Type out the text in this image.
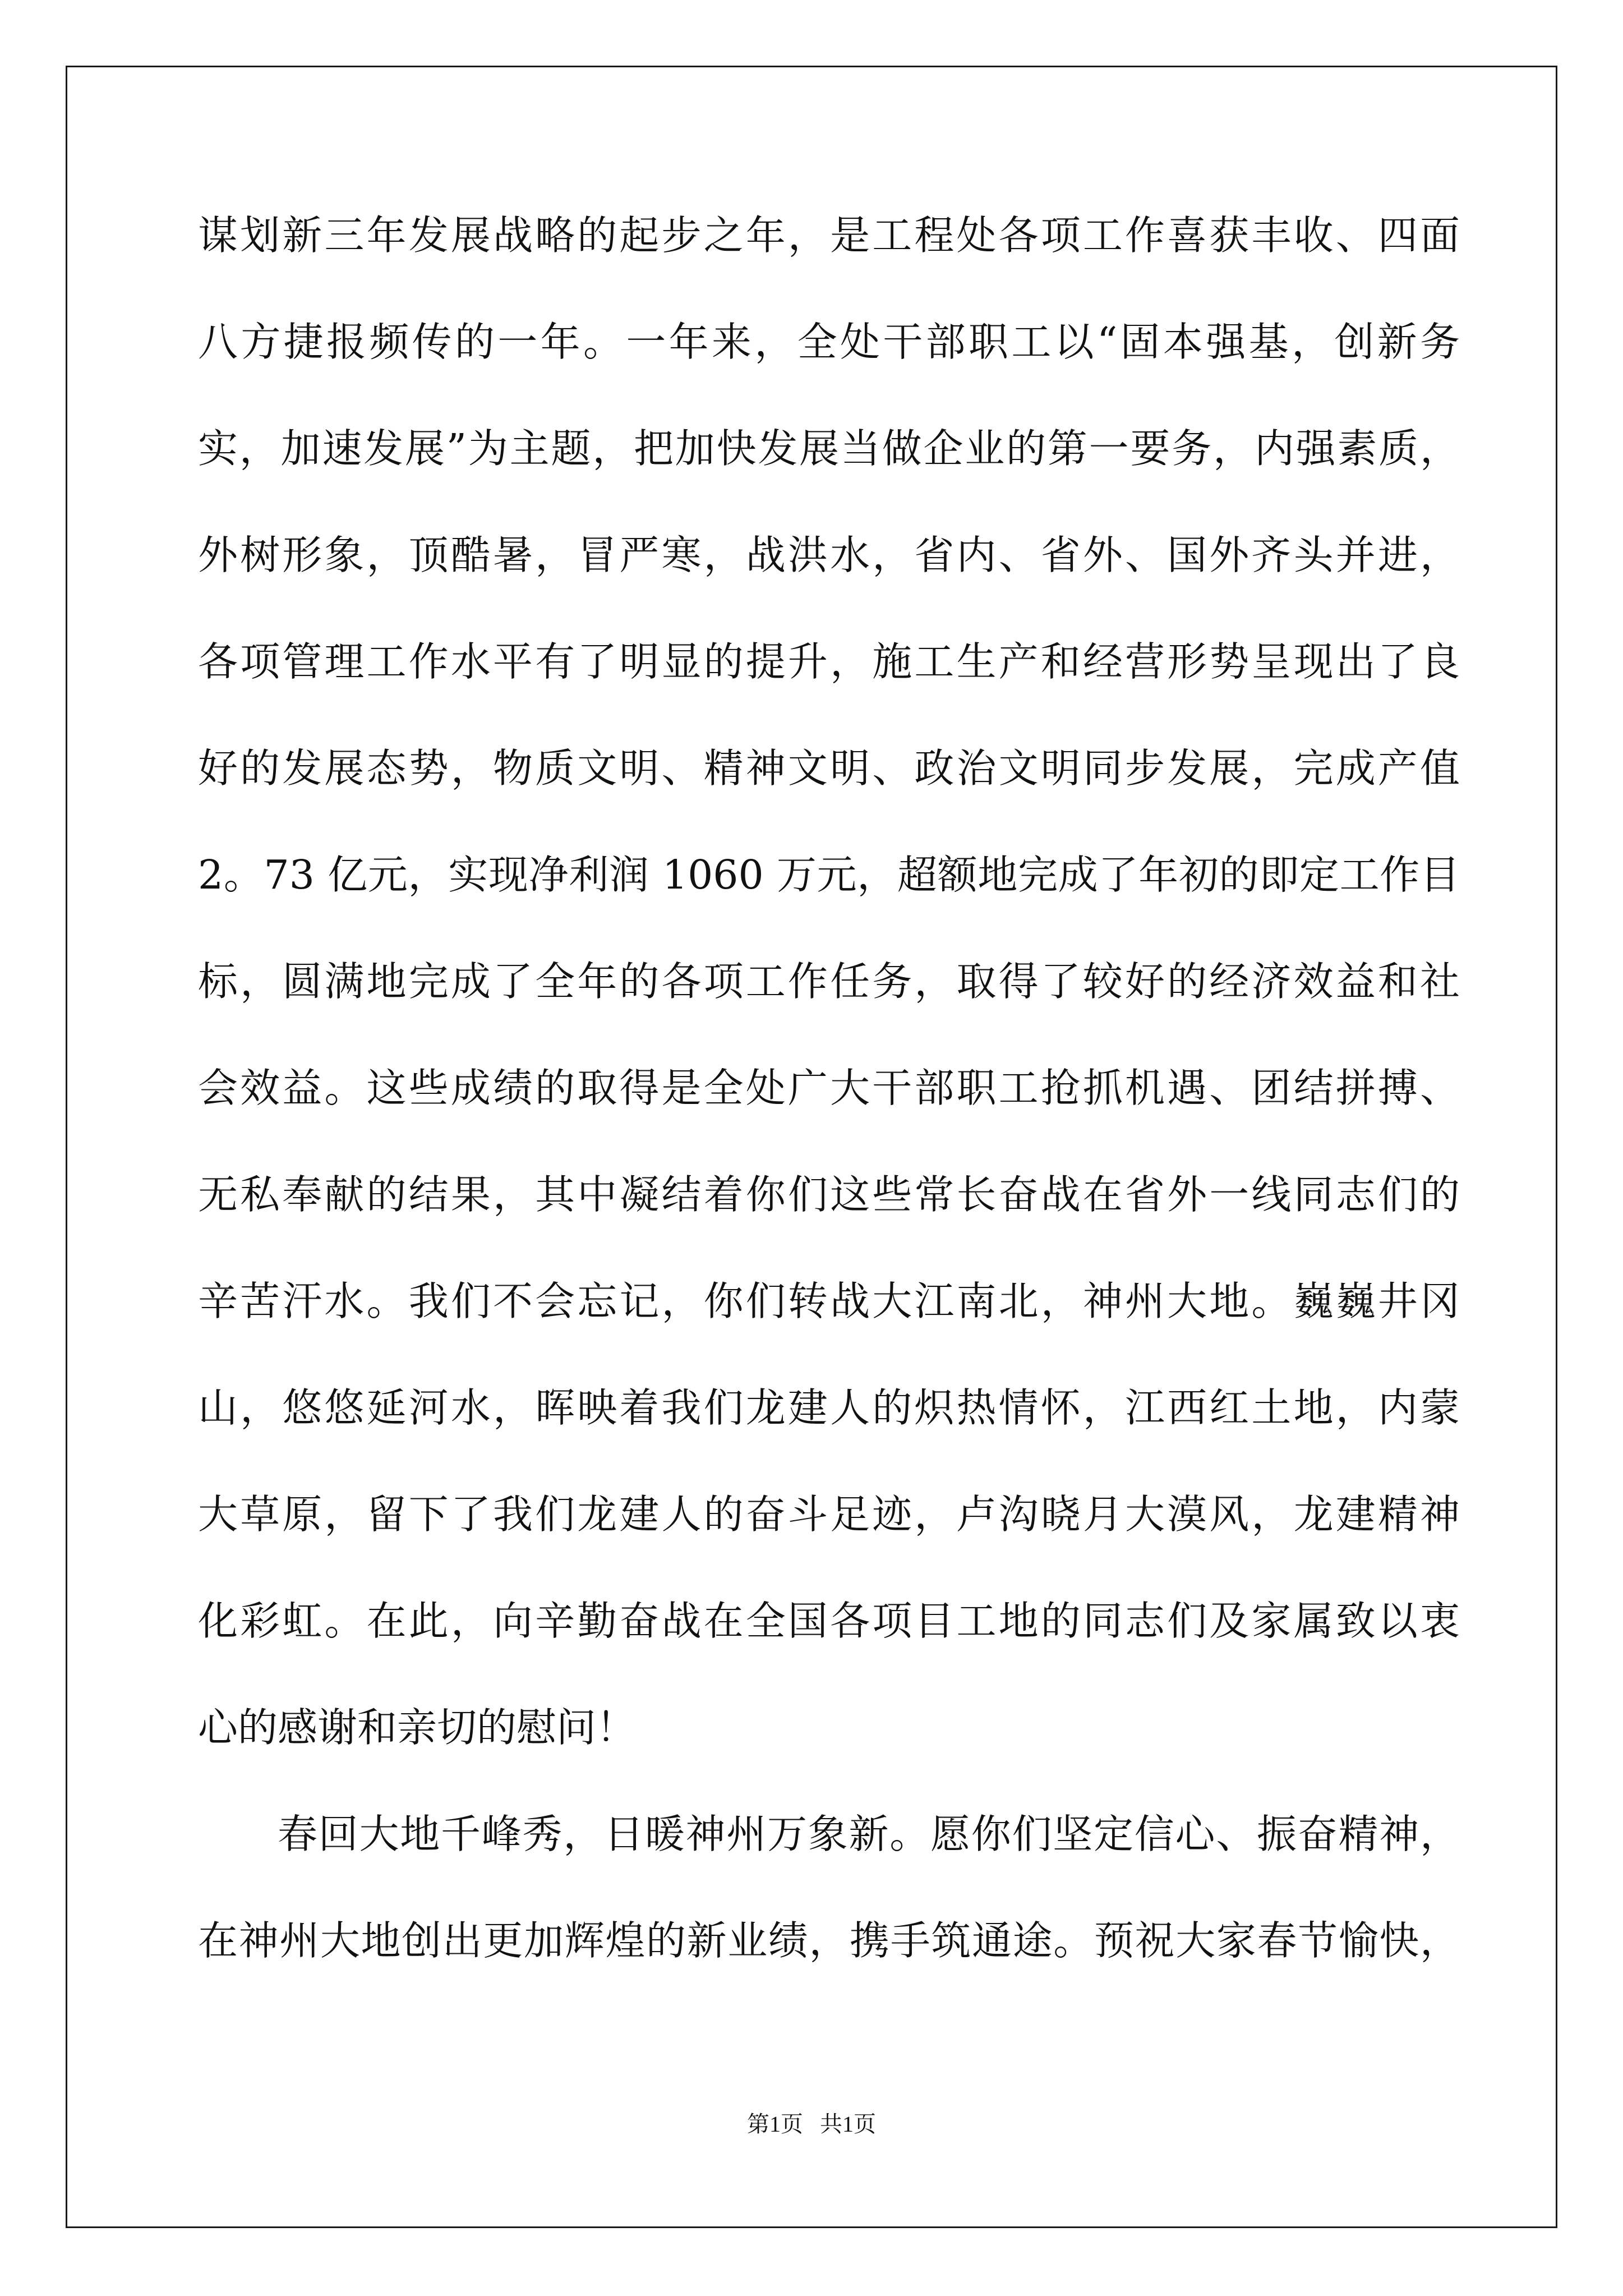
谋划新三年发展战略的起步之年，是工程处各项工作喜获丰收、四面
八方捷报频传的一年。一年来，全处干部职工以“固本强基，创新务
实，加速发展”为主题，把加快发展当做企业的第一要务，内强素质，
外树形象，顶酷暑，冒严寒，战洪水，省内、省外、国外齐头并进，
各项管理工作水平有了明显的提升，施工生产和经营形势呈现出了良
好的发展态势，物质文明、精神文明、政治文明同步发展，完成产值
2。73 亿元，实现净利润 1060 万元，超额地完成了年初的即定工作目
标，圆满地完成了全年的各项工作任务，取得了较好的经济效益和社
会效益。这些成绩的取得是全处广大干部职工抢抓机遇、团结拼搏、
无私奉献的结果，其中凝结着你们这些常长奋战在省外一线同志们的
辛苦汗水。我们不会忘记，你们转战大江南北，神州大地。巍巍井冈
山，悠悠延河水，晖映着我们龙建人的炽热情怀，江西红土地，内蒙
大草原，留下了我们龙建人的奋斗足迹，卢沟晓月大漠风，龙建精神
化彩虹。在此，向辛勤奋战在全国各项目工地的同志们及家属致以衷
心的感谢和亲切的慰问！
春回大地千峰秀，日暖神州万象新。愿你们坚定信心、振奋精神，
在神州大地创出更加辉煌的新业绩，携手筑通途。预祝大家春节愉快，
第1页   共1页
